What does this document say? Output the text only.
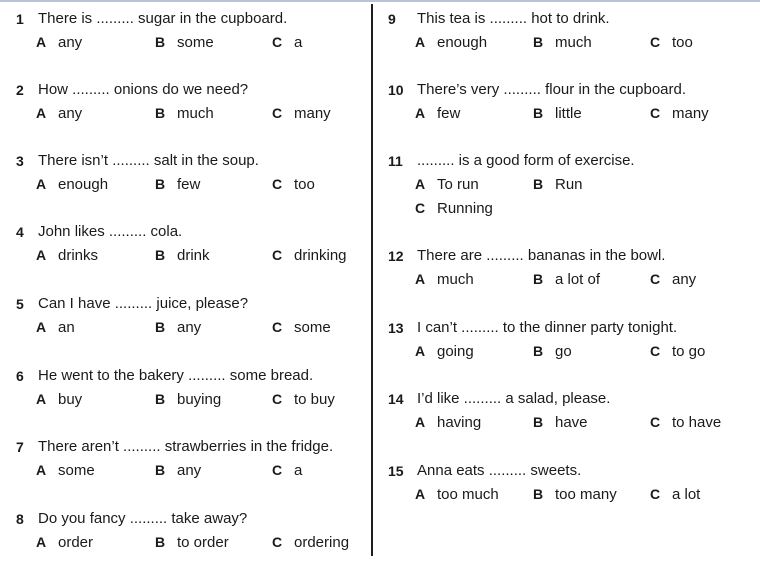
1 There is ......... sugar in the cupboard.
A any	B some	C a
2 How ......... onions do we need?
A any	B much	C many
3 There isn’t ......... salt in the soup.
A enough	B few	C too
4 John likes ......... cola.
A drinks	B drink	C drinking
5 Can I have ......... juice, please?
A an	B any	C some
6 He went to the bakery ......... some bread.
A buy	B buying	C to buy
7 There aren’t ......... strawberries in the fridge.
A some	B any	C a
8 Do you fancy ......... take away?
A order	B to order	C ordering
9 This tea is ......... hot to drink.
A enough	B much	C too
10 There’s very ......... flour in the cupboard.
A few	B little	C many
11 ......... is a good form of exercise.
A To run	B Run
C Running
12 There are ......... bananas in the bowl.
A much	B a lot of	C any
13 I can’t ......... to the dinner party tonight.
A going	B go	C to go
14 I’d like ......... a salad, please.
A having	B have	C to have
15 Anna eats ......... sweets.
A too much B too many C a lot
